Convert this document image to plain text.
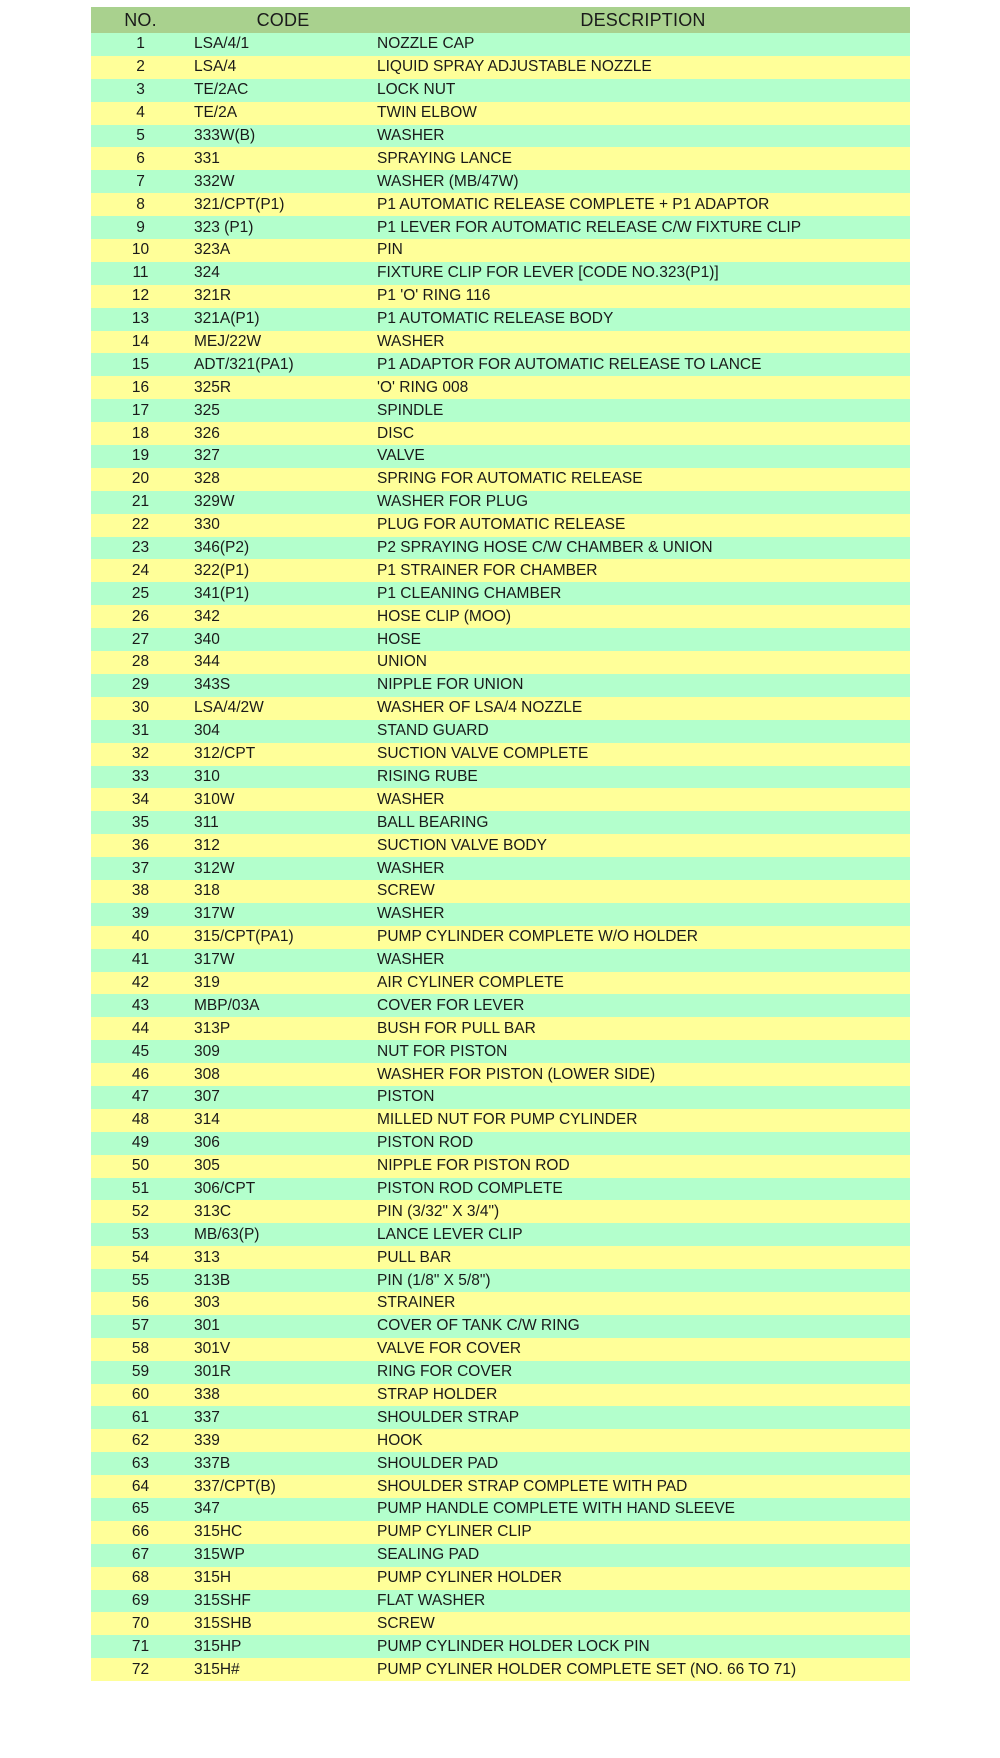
NO.	CODE	DESCRIPTION
1	LSA/4/1	NOZZLE CAP
2	LSA/4	LIQUID SPRAY ADJUSTABLE NOZZLE
3	TE/2AC	LOCK NUT
4	TE/2A	TWIN ELBOW
5	333W(B)	WASHER
6	331	SPRAYING LANCE
7	332W	WASHER (MB/47W)
8	321/CPT(P1)	P1 AUTOMATIC RELEASE COMPLETE + P1 ADAPTOR
9	323 (P1)	P1 LEVER FOR AUTOMATIC RELEASE C/W FIXTURE CLIP
10	323A	PIN
11	324	FIXTURE CLIP FOR LEVER [CODE NO.323(P1)]
12	321R	P1 'O' RING 116
13	321A(P1)	P1 AUTOMATIC RELEASE BODY
14	MEJ/22W	WASHER
15	ADT/321(PA1)	P1 ADAPTOR FOR AUTOMATIC RELEASE TO LANCE
16	325R	'O' RING 008
17	325	SPINDLE
18	326	DISC
19	327	VALVE
20	328	SPRING FOR AUTOMATIC RELEASE
21	329W	WASHER FOR PLUG
22	330	PLUG FOR AUTOMATIC RELEASE
23	346(P2)	P2 SPRAYING HOSE C/W CHAMBER & UNION
24	322(P1)	P1 STRAINER FOR CHAMBER
25	341(P1)	P1 CLEANING CHAMBER
26	342	HOSE CLIP (MOO)
27	340	HOSE
28	344	UNION
29	343S	NIPPLE FOR UNION
30	LSA/4/2W	WASHER OF LSA/4 NOZZLE
31	304	STAND GUARD
32	312/CPT	SUCTION VALVE COMPLETE
33	310	RISING RUBE
34	310W	WASHER
35	311	BALL BEARING
36	312	SUCTION VALVE BODY
37	312W	WASHER
38	318	SCREW
39	317W	WASHER
40	315/CPT(PA1)	PUMP CYLINDER COMPLETE W/O HOLDER
41	317W	WASHER
42	319	AIR CYLINER COMPLETE
43	MBP/03A	COVER FOR LEVER
44	313P	BUSH FOR PULL BAR
45	309	NUT FOR PISTON
46	308	WASHER FOR PISTON (LOWER SIDE)
47	307	PISTON
48	314	MILLED NUT FOR PUMP CYLINDER
49	306	PISTON ROD
50	305	NIPPLE FOR PISTON ROD
51	306/CPT	PISTON ROD COMPLETE
52	313C	PIN (3/32" X 3/4")
53	MB/63(P)	LANCE LEVER CLIP
54	313	PULL BAR
55	313B	PIN (1/8" X 5/8")
56	303	STRAINER
57	301	COVER OF TANK C/W RING
58	301V	VALVE FOR COVER
59	301R	RING FOR COVER
60	338	STRAP HOLDER
61	337	SHOULDER STRAP
62	339	HOOK
63	337B	SHOULDER PAD
64	337/CPT(B)	SHOULDER STRAP COMPLETE WITH PAD
65	347	PUMP HANDLE COMPLETE WITH HAND SLEEVE
66	315HC	PUMP CYLINER CLIP
67	315WP	SEALING PAD
68	315H	PUMP CYLINER HOLDER
69	315SHF	FLAT WASHER
70	315SHB	SCREW
71	315HP	PUMP CYLINDER HOLDER LOCK PIN
72	315H#	PUMP CYLINER HOLDER COMPLETE SET (NO. 66 TO 71)
